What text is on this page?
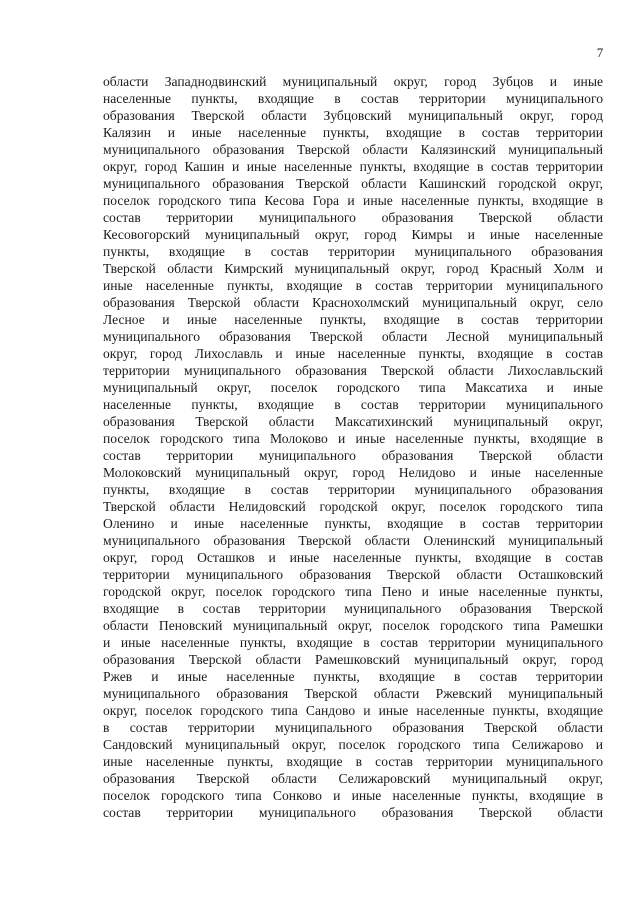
7
области Западнодвинский муниципальный округ, город Зубцов и иные
населенные пункты, входящие в состав территории муниципального
образования Тверской области Зубцовский муниципальный округ, город
Калязин и иные населенные пункты, входящие в состав территории
муниципального образования Тверской области Калязинский муниципальный
округ, город Кашин и иные населенные пункты, входящие в состав территории
муниципального образования Тверской области Кашинский городской округ,
поселок городского типа Кесова Гора и иные населенные пункты, входящие в
состав территории муниципального образования Тверской области
Кесовогорский муниципальный округ, город Кимры и иные населенные
пункты, входящие в состав территории муниципального образования
Тверской области Кимрский муниципальный округ, город Красный Холм и
иные населенные пункты, входящие в состав территории муниципального
образования Тверской области Краснохолмский муниципальный округ, село
Лесное и иные населенные пункты, входящие в состав территории
муниципального образования Тверской области Лесной муниципальный
округ, город Лихославль и иные населенные пункты, входящие в состав
территории муниципального образования Тверской области Лихославльский
муниципальный округ, поселок городского типа Максатиха и иные
населенные пункты, входящие в состав территории муниципального
образования Тверской области Максатихинский муниципальный округ,
поселок городского типа Молоково и иные населенные пункты, входящие в
состав территории муниципального образования Тверской области
Молоковский муниципальный округ, город Нелидово и иные населенные
пункты, входящие в состав территории муниципального образования
Тверской области Нелидовский городской округ, поселок городского типа
Оленино и иные населенные пункты, входящие в состав территории
муниципального образования Тверской области Оленинский муниципальный
округ, город Осташков и иные населенные пункты, входящие в состав
территории муниципального образования Тверской области Осташковский
городской округ, поселок городского типа Пено и иные населенные пункты,
входящие в состав территории муниципального образования Тверской
области Пеновский муниципальный округ, поселок городского типа Рамешки
и иные населенные пункты, входящие в состав территории муниципального
образования Тверской области Рамешковский муниципальный округ, город
Ржев и иные населенные пункты, входящие в состав территории
муниципального образования Тверской области Ржевский муниципальный
округ, поселок городского типа Сандово и иные населенные пункты, входящие
в состав территории муниципального образования Тверской области
Сандовский муниципальный округ, поселок городского типа Селижарово и
иные населенные пункты, входящие в состав территории муниципального
образования Тверской области Селижаровский муниципальный округ,
поселок городского типа Сонково и иные населенные пункты, входящие в
состав территории муниципального образования Тверской области
